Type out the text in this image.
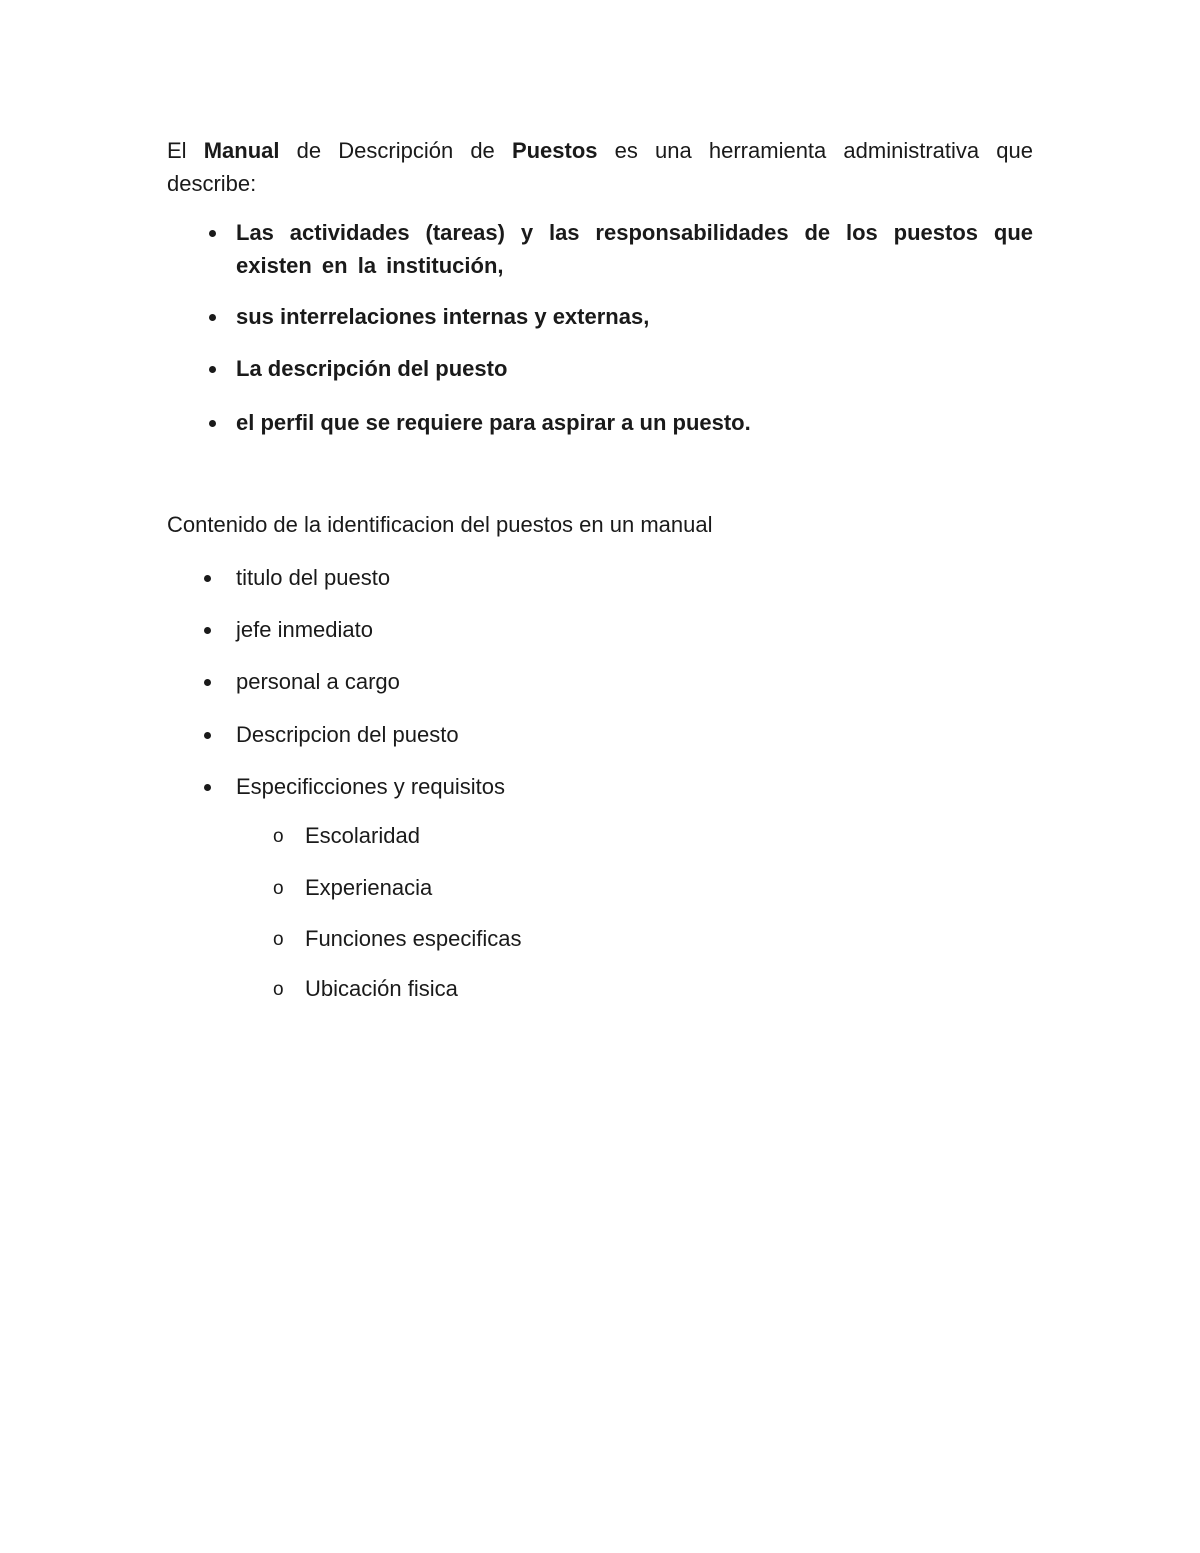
El Manual de Descripción de Puestos es una herramienta administrativa que describe:

Las actividades (tareas) y las responsabilidades de los puestos que existen en la institución,
sus interrelaciones internas y externas,
La descripción del puesto
el perfil que se requiere para aspirar a un puesto.

Contenido de la identificacion del puestos en un manual

titulo del puesto
jefe inmediato
personal a cargo
Descripcion del puesto
Especificciones y requisitos
o Escolaridad
o Experienacia
o Funciones especificas
o Ubicación fisica
